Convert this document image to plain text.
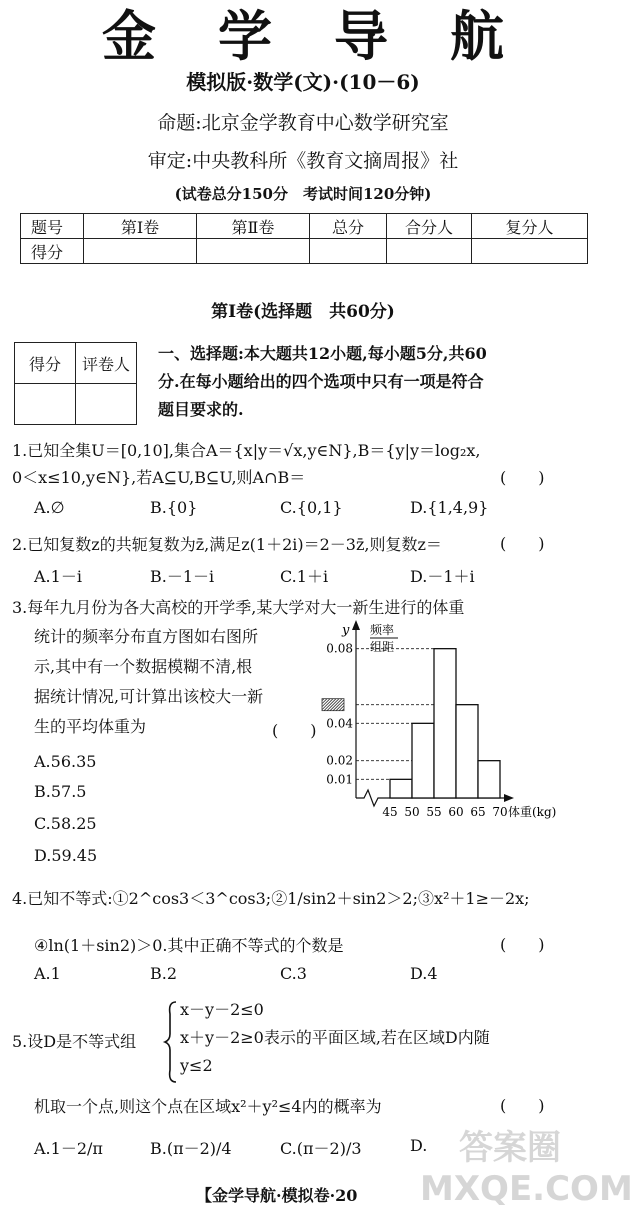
金学导航
模拟版·数学(文)·(10－6)
命题:北京金学教育中心数学研究室
审定:中央教科所《教育文摘周报》社
(试卷总分150分　考试时间120分钟)
题号	第Ⅰ卷	第Ⅱ卷	总分	合分人	复分人
得分					
第Ⅰ卷(选择题　共60分)
得分	评卷人

一、选择题:本大题共12小题,每小题5分,共60
分.在每小题给出的四个选项中只有一项是符合
题目要求的.
1.已知全集U＝[0,10],集合A＝{x|y＝√x,y∈N},B＝{y|y＝log₂x,
0＜x≤10,y∈N},若A⊆U,B⊆U,则A∩B＝	(　　)
A.∅	B.{0}	C.{0,1}	D.{1,4,9}
2.已知复数z的共轭复数为z̄,满足z(1＋2i)＝2－3z̄,则复数z＝	(　　)
A.1－i	B.－1－i	C.1＋i	D.－1＋i
3.每年九月份为各大高校的开学季,某大学对大一新生进行的体重
统计的频率分布直方图如右图所
示,其中有一个数据模糊不清,根
据统计情况,可计算出该校大一新
生的平均体重为	(　　)
A.56.35
B.57.5
C.58.25
D.59.45
y 频率
组距
0.01
0.02
0.04
0.08
45 50 55 60 65 70 体重(kg)
4.已知不等式:①2^cos3＜3^cos3;②1/sin2＋sin2＞2;③x²＋1≥－2x;
④ln(1＋sin2)＞0.其中正确不等式的个数是	(　　)
A.1	B.2	C.3	D.4
5.设D是不等式组
x－y－2≤0
x＋y－2≥0表示的平面区域,若在区域D内随
y≤2
机取一个点,则这个点在区域x²＋y²≤4内的概率为	(　　)
A.1－2/π	B.(π－2)/4	C.(π－2)/3	D.
【金学导航·模拟卷·20
答案圈 MXQE.COM
